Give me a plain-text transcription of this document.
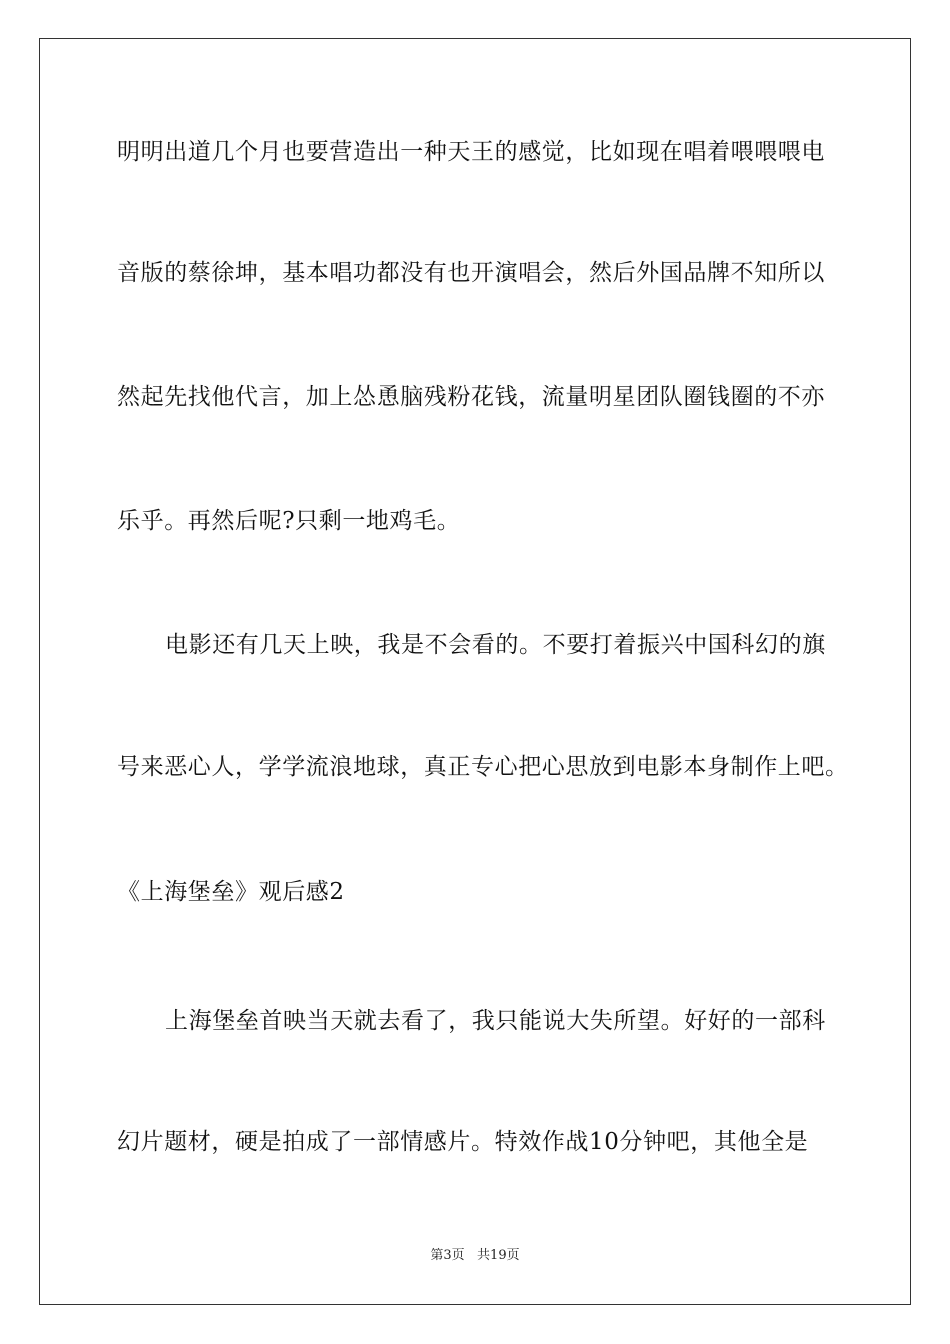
明明出道几个月也要营造出一种天王的感觉，比如现在唱着喂喂喂电
音版的蔡徐坤，基本唱功都没有也开演唱会，然后外国品牌不知所以
然起先找他代言，加上怂恿脑残粉花钱，流量明星团队圈钱圈的不亦
乐乎。再然后呢?只剩一地鸡毛。
电影还有几天上映，我是不会看的。不要打着振兴中国科幻的旗
号来恶心人，学学流浪地球，真正专心把心思放到电影本身制作上吧。
《上海堡垒》观后感2
上海堡垒首映当天就去看了，我只能说大失所望。好好的一部科
幻片题材，硬是拍成了一部情感片。特效作战10分钟吧，其他全是
第3页   共19页
